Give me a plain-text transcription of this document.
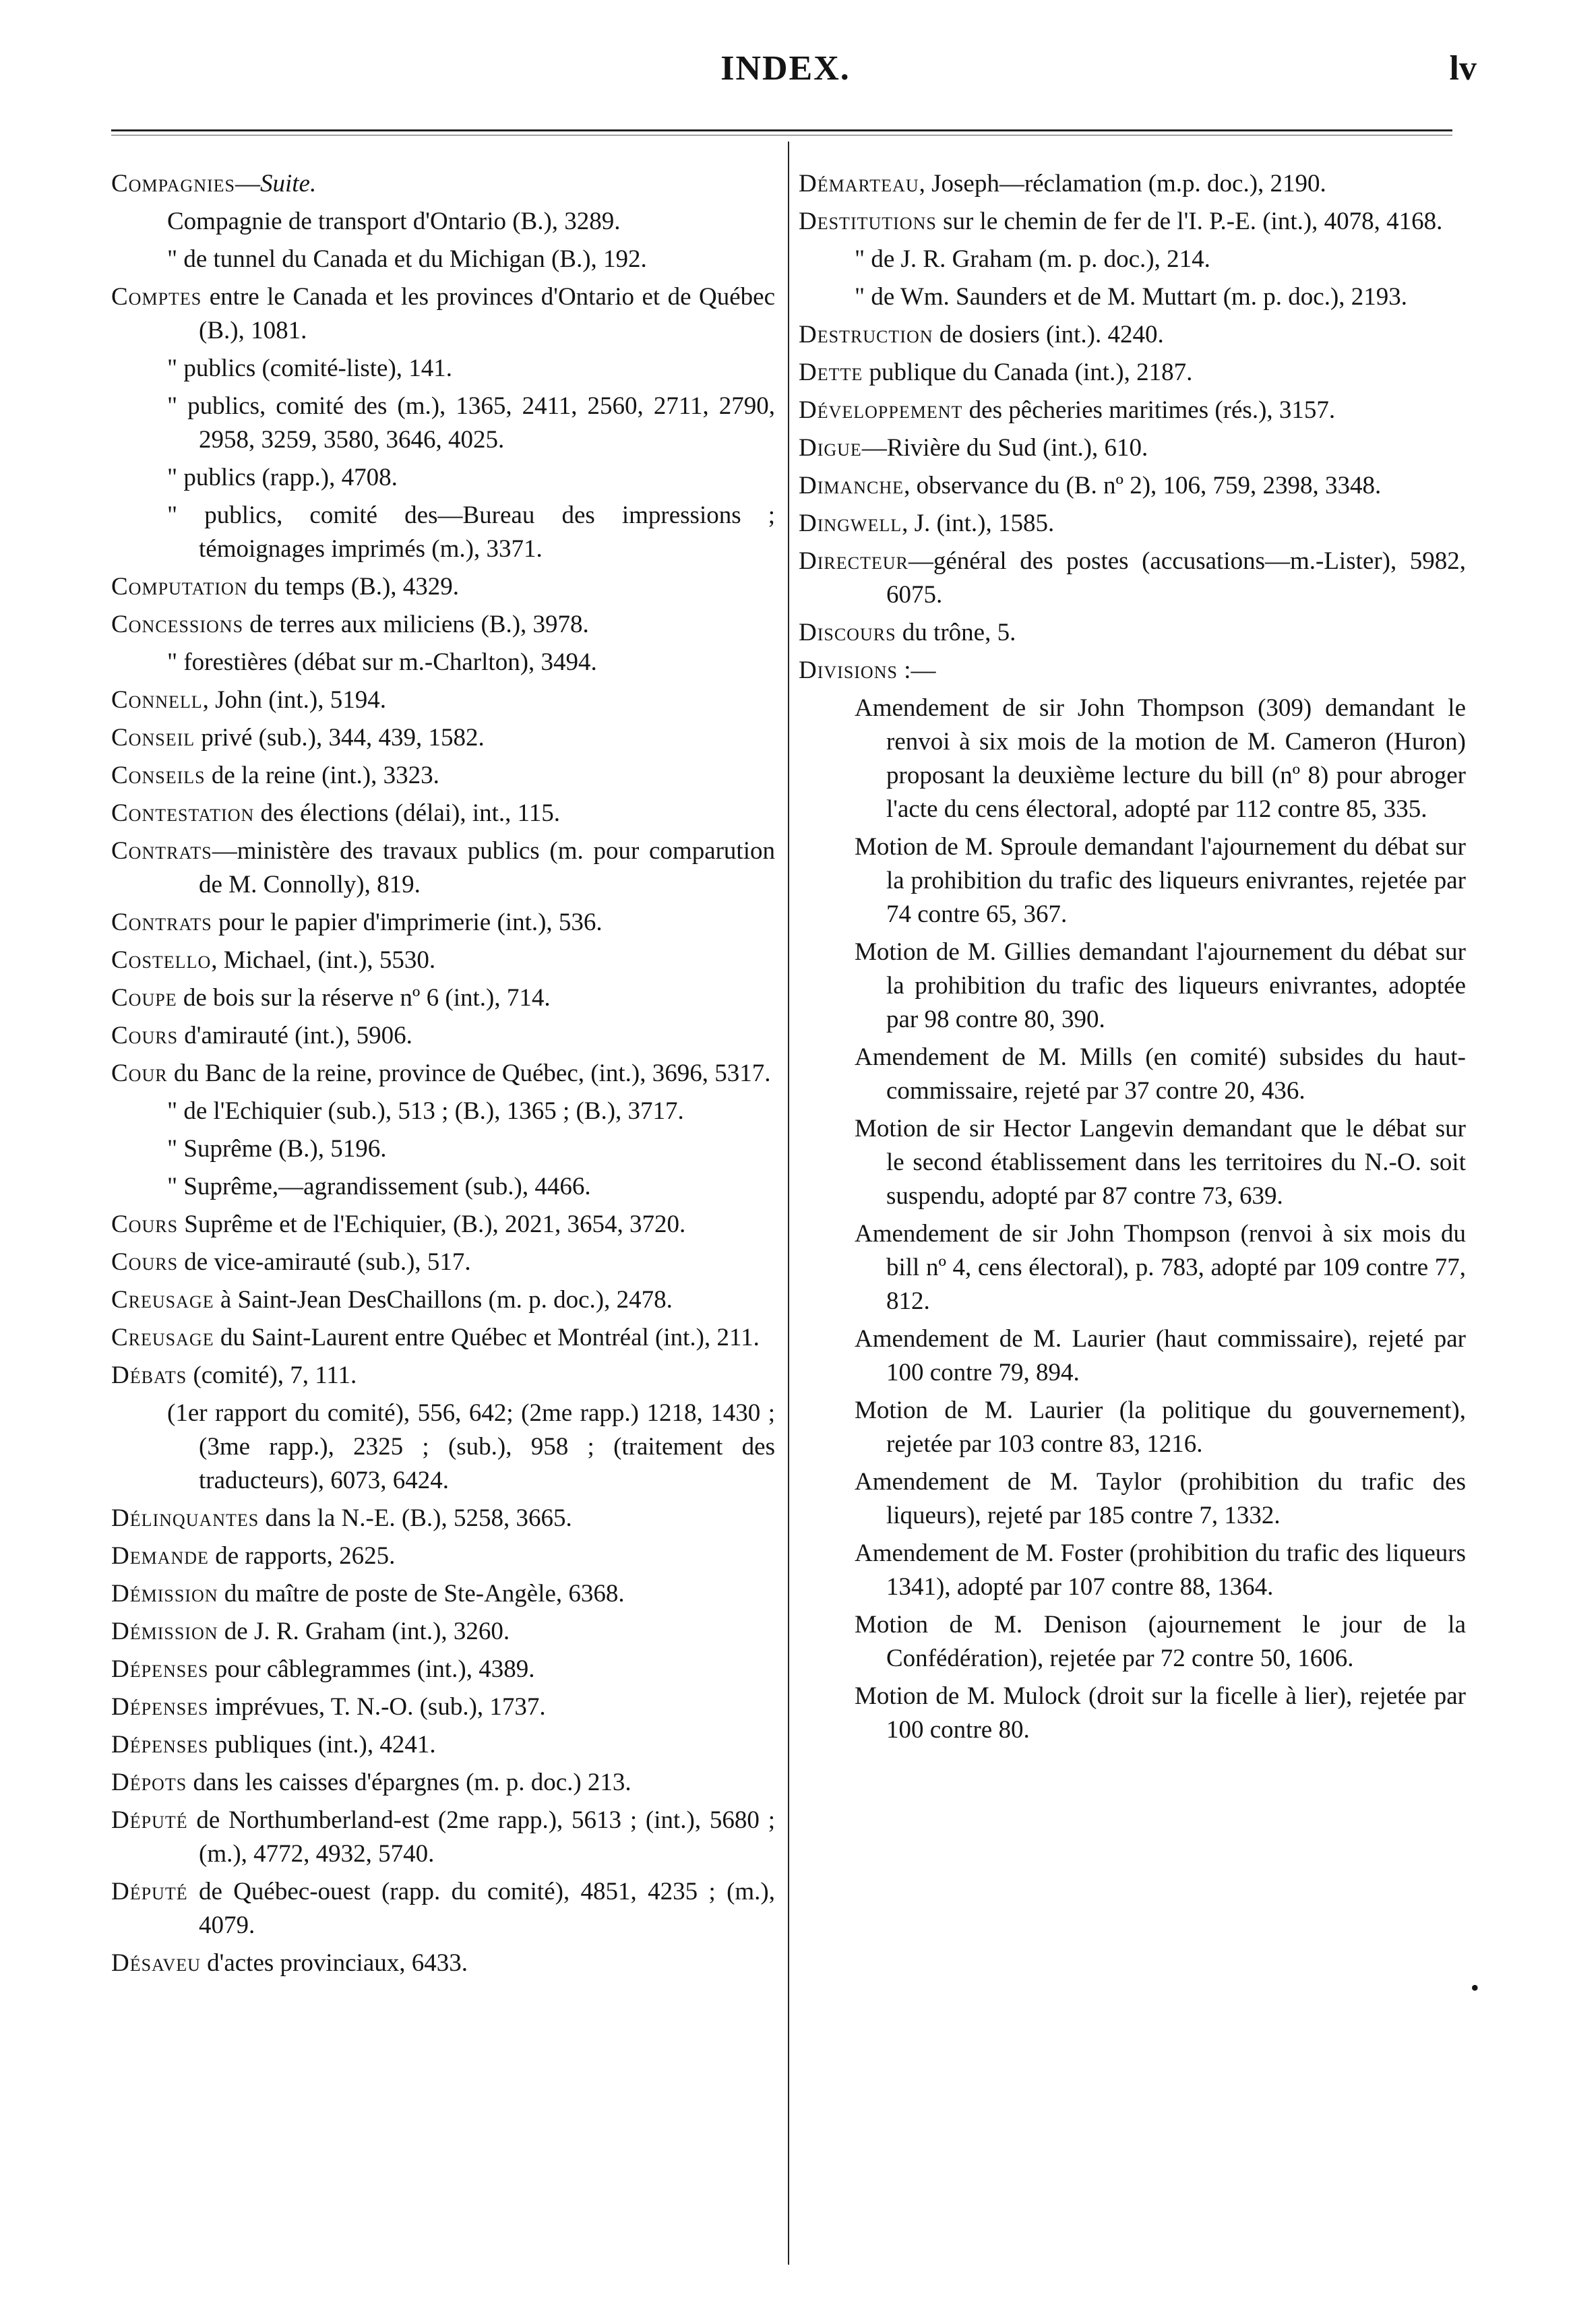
INDEX.	lv

Compagnies—Suite.

Compagnie de transport d'Ontario (B.), 3289.

" de tunnel du Canada et du Michigan (B.), 192.

Comptes entre le Canada et les provinces d'Ontario et de Québec (B.), 1081.

" publics (comité-liste), 141.

" publics, comité des (m.), 1365, 2411, 2560, 2711, 2790, 2958, 3259, 3580, 3646, 4025.

" publics (rapp.), 4708.

" publics, comité des—Bureau des impressions ; témoignages imprimés (m.), 3371.

Computation du temps (B.), 4329.

Concessions de terres aux miliciens (B.), 3978.

" forestières (débat sur m.-Charlton), 3494.

Connell, John (int.), 5194.

Conseil privé (sub.), 344, 439, 1582.

Conseils de la reine (int.), 3323.

Contestation des élections (délai), int., 115.

Contrats—ministère des travaux publics (m. pour comparution de M. Connolly), 819.

Contrats pour le papier d'imprimerie (int.), 536.

Costello, Michael, (int.), 5530.

Coupe de bois sur la réserve nº 6 (int.), 714.

Cours d'amirauté (int.), 5906.

Cour du Banc de la reine, province de Québec, (int.), 3696, 5317.

" de l'Echiquier (sub.), 513 ; (B.), 1365 ; (B.), 3717.

" Suprême (B.), 5196.

" Suprême,—agrandissement (sub.), 4466.

Cours Suprême et de l'Echiquier, (B.), 2021, 3654, 3720.

Cours de vice-amirauté (sub.), 517.

Creusage à Saint-Jean DesChaillons (m. p. doc.), 2478.

Creusage du Saint-Laurent entre Québec et Montréal (int.), 211.

Débats (comité), 7, 111.

(1er rapport du comité), 556, 642; (2me rapp.) 1218, 1430 ; (3me rapp.), 2325 ; (sub.), 958 ; (traitement des traducteurs), 6073, 6424.

Délinquantes dans la N.-E. (B.), 5258, 3665.

Demande de rapports, 2625.

Démission du maître de poste de Ste-Angèle, 6368.

Démission de J. R. Graham (int.), 3260.

Dépenses pour câblegrammes (int.), 4389.

Dépenses imprévues, T. N.-O. (sub.), 1737.

Dépenses publiques (int.), 4241.

Dépots dans les caisses d'épargnes (m. p. doc.) 213.

Député de Northumberland-est (2me rapp.), 5613 ; (int.), 5680 ; (m.), 4772, 4932, 5740.

Député de Québec-ouest (rapp. du comité), 4851, 4235 ; (m.), 4079.

Désaveu d'actes provinciaux, 6433.

Démarteau, Joseph—réclamation (m.p. doc.), 2190.

Destitutions sur le chemin de fer de l'I. P.-E. (int.), 4078, 4168.

" de J. R. Graham (m. p. doc.), 214.

" de Wm. Saunders et de M. Muttart (m. p. doc.), 2193.

Destruction de dosiers (int.). 4240.

Dette publique du Canada (int.), 2187.

Développement des pêcheries maritimes (rés.), 3157.

Digue—Rivière du Sud (int.), 610.

Dimanche, observance du (B. nº 2), 106, 759, 2398, 3348.

Dingwell, J. (int.), 1585.

Directeur—général des postes (accusations—m.-Lister), 5982, 6075.

Discours du trône, 5.

Divisions :—

Amendement de sir John Thompson (309) demandant le renvoi à six mois de la motion de M. Cameron (Huron) proposant la deuxième lecture du bill (nº 8) pour abroger l'acte du cens électoral, adopté par 112 contre 85, 335.

Motion de M. Sproule demandant l'ajournement du débat sur la prohibition du trafic des liqueurs enivrantes, rejetée par 74 contre 65, 367.

Motion de M. Gillies demandant l'ajournement du débat sur la prohibition du trafic des liqueurs enivrantes, adoptée par 98 contre 80, 390.

Amendement de M. Mills (en comité) subsides du haut-commissaire, rejeté par 37 contre 20, 436.

Motion de sir Hector Langevin demandant que le débat sur le second établissement dans les territoires du N.-O. soit suspendu, adopté par 87 contre 73, 639.

Amendement de sir John Thompson (renvoi à six mois du bill nº 4, cens électoral), p. 783, adopté par 109 contre 77, 812.

Amendement de M. Laurier (haut commissaire), rejeté par 100 contre 79, 894.

Motion de M. Laurier (la politique du gouvernement), rejetée par 103 contre 83, 1216.

Amendement de M. Taylor (prohibition du trafic des liqueurs), rejeté par 185 contre 7, 1332.

Amendement de M. Foster (prohibition du trafic des liqueurs 1341), adopté par 107 contre 88, 1364.

Motion de M. Denison (ajournement le jour de la Confédération), rejetée par 72 contre 50, 1606.

Motion de M. Mulock (droit sur la ficelle à lier), rejetée par 100 contre 80.

•
